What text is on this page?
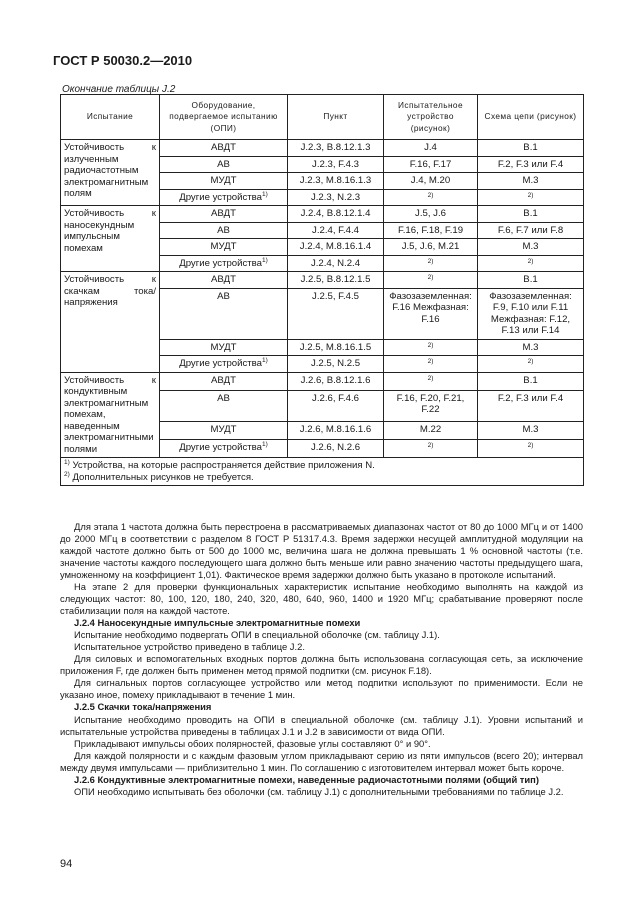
ГОСТ Р 50030.2—2010
Окончание таблицы J.2
Испытание	Оборудование, подвергаемое испытанию (ОПИ)	Пункт	Испытательное устройство (рисунок)	Схема цепи (рисунок)
Устойчивость к излученным радиочастотным электромагнитным полям	АВДТ	J.2.3, B.8.12.1.3	J.4	B.1
	АВ	J.2.3, F.4.3	F.16, F.17	F.2, F.3 или F.4
	МУДТ	J.2.3, M.8.16.1.3	J.4, M.20	M.3
	Другие устройства$^{1)}$	J.2.3, N.2.3	2)	2)
Устойчивость к наносекундным импульсным помехам	АВДТ	J.2.4, B.8.12.1.4	J.5, J.6	B.1
	АВ	J.2.4, F.4.4	F.16, F.18, F.19	F.6, F.7 или F.8
	МУДТ	J.2.4, M.8.16.1.4	J.5, J.6, M.21	M.3
	Другие устройства$^{1)}$	J.2.4, N.2.4	2)	2)
Устойчивость к скачкам тока/напряжения	АВДТ	J.2.5, B.8.12.1.5	2)	B.1
	АВ	J.2.5, F.4.5	Фазозаземленная: F.16 Межфазная: F.16	Фазозаземленная: F.9, F.10 или F.11 Межфазная: F.12, F.13 или F.14
	МУДТ	J.2.5, M.8.16.1.5	2)	M.3
	Другие устройства$^{1)}$	J.2.5, N.2.5	2)	2)
Устойчивость к кондуктивным электромагнитным помехам, наведенным электромагнитными полями	АВДТ	J.2.6, B.8.12.1.6	2)	B.1
	АВ	J.2.6, F.4.6	F.16, F.20, F.21, F.22	F.2, F.3 или F.4
	МУДТ	J.2.6, M.8.16.1.6	M.22	M.3
	Другие устройства$^{1)}$	J.2.6, N.2.6	2)	2)

$^{1)}$ Устройства, на которые распространяется действие приложения N.
$^{2)}$ Дополнительных рисунков не требуется.				

Для этапа 1 частота должна быть перестроена в рассматриваемых диапазонах частот от 80 до 1000 МГц и от 1400 до 2000 МГц в соответствии с разделом 8 ГОСТ Р 51317.4.3. Время задержки несущей амплитудной модуляции на каждой частоте должно быть от 500 до 1000 мс, величина шага не должна превышать 1 % основной частоты (т.е. значение частоты каждого последующего шага должно быть меньше или равно значению частоты предыдущего шага, умноженному на коэффициент 1,01). Фактическое время задержки должно быть указано в протоколе испытаний.

На этапе 2 для проверки функциональных характеристик испытание необходимо выполнять на каждой из следующих частот: 80, 100, 120, 180, 240, 320, 480, 640, 960, 1400 и 1920 МГц; срабатывание проверяют после стабилизации поля на каждой частоте.

J.2.4 Наносекундные импульсные электромагнитные помехи

Испытание необходимо подвергать ОПИ в специальной оболочке (см. таблицу J.1).

Испытательное устройство приведено в таблице J.2.

Для силовых и вспомогательных входных портов должна быть использована согласующая сеть, за исключение приложения F, где должен быть применен метод прямой подпитки (см. рисунок F.18).

Для сигнальных портов согласующее устройство или метод подпитки используют по применимости. Если не указано иное, помеху прикладывают в течение 1 мин.

J.2.5 Скачки тока/напряжения

Испытание необходимо проводить на ОПИ в специальной оболочке (см. таблицу J.1). Уровни испытаний и испытательные устройства приведены в таблицах J.1 и J.2 в зависимости от вида ОПИ.

Прикладывают импульсы обоих полярностей, фазовые углы составляют 0° и 90°.

Для каждой полярности и с каждым фазовым углом прикладывают серию из пяти импульсов (всего 20); интервал между двумя импульсами — приблизительно 1 мин. По соглашению с изготовителем интервал может быть короче.

J.2.6 Кондуктивные электромагнитные помехи, наведенные радиочастотными полями (общий тип)

ОПИ необходимо испытывать без оболочки (см. таблицу J.1) с дополнительными требованиями по таблице J.2.

94
